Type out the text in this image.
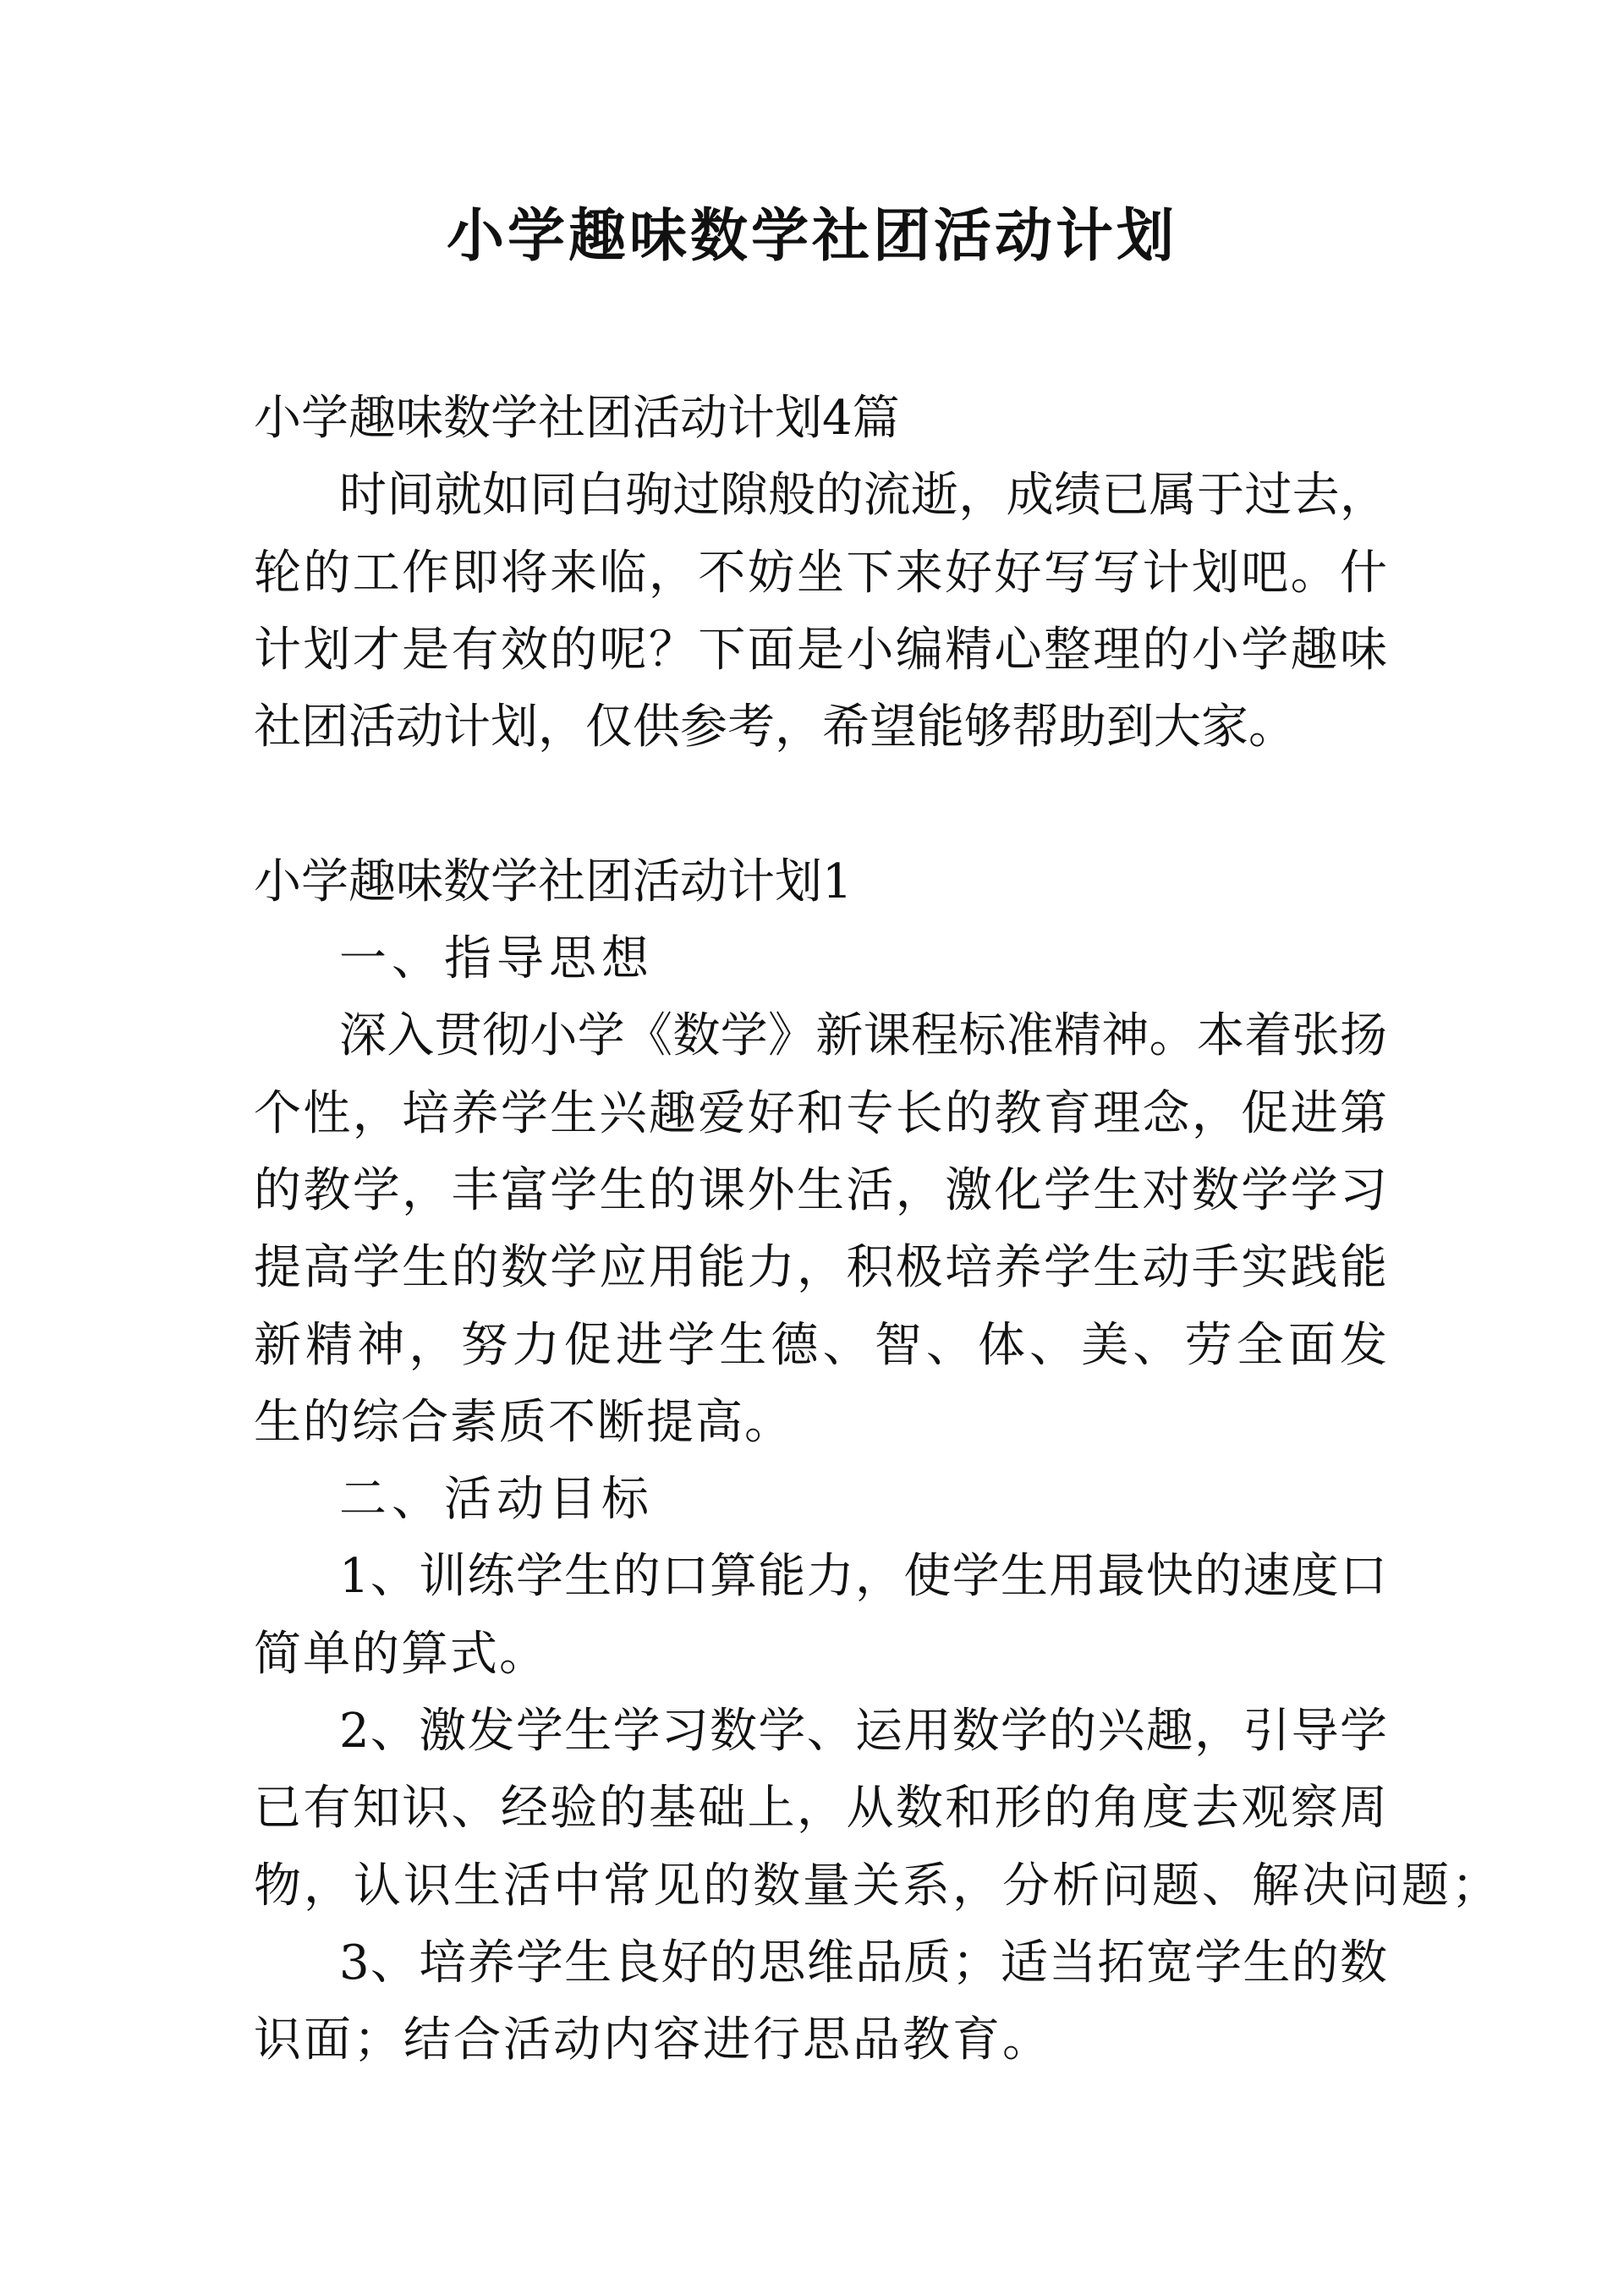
小学趣味数学社团活动计划
小学趣味数学社团活动计划4篇
时间就如同白驹过隙般的流逝，成绩已属于过去，
轮的工作即将来临，不妨坐下来好好写写计划吧。什
计划才是有效的呢？下面是小编精心整理的小学趣味
社团活动计划，仅供参考，希望能够帮助到大家。
小学趣味数学社团活动计划1
一、指导思想
深入贯彻小学《数学》新课程标准精神。本着张扬
个性，培养学生兴趣爱好和专长的教育理念，促进第
的教学，丰富学生的课外生活，激化学生对数学学习
提高学生的数学应用能力，积极培养学生动手实践能
新精神，努力促进学生德、智、体、美、劳全面发
生的综合素质不断提高。
二、活动目标
1、训练学生的口算能力，使学生用最快的速度口
简单的算式。
2、激发学生学习数学、运用数学的兴趣，引导学
已有知识、经验的基础上，从数和形的角度去观察周
物，认识生活中常见的数量关系，分析问题、解决问题；
3、培养学生良好的思维品质；适当拓宽学生的数
识面；结合活动内容进行思品教育。
